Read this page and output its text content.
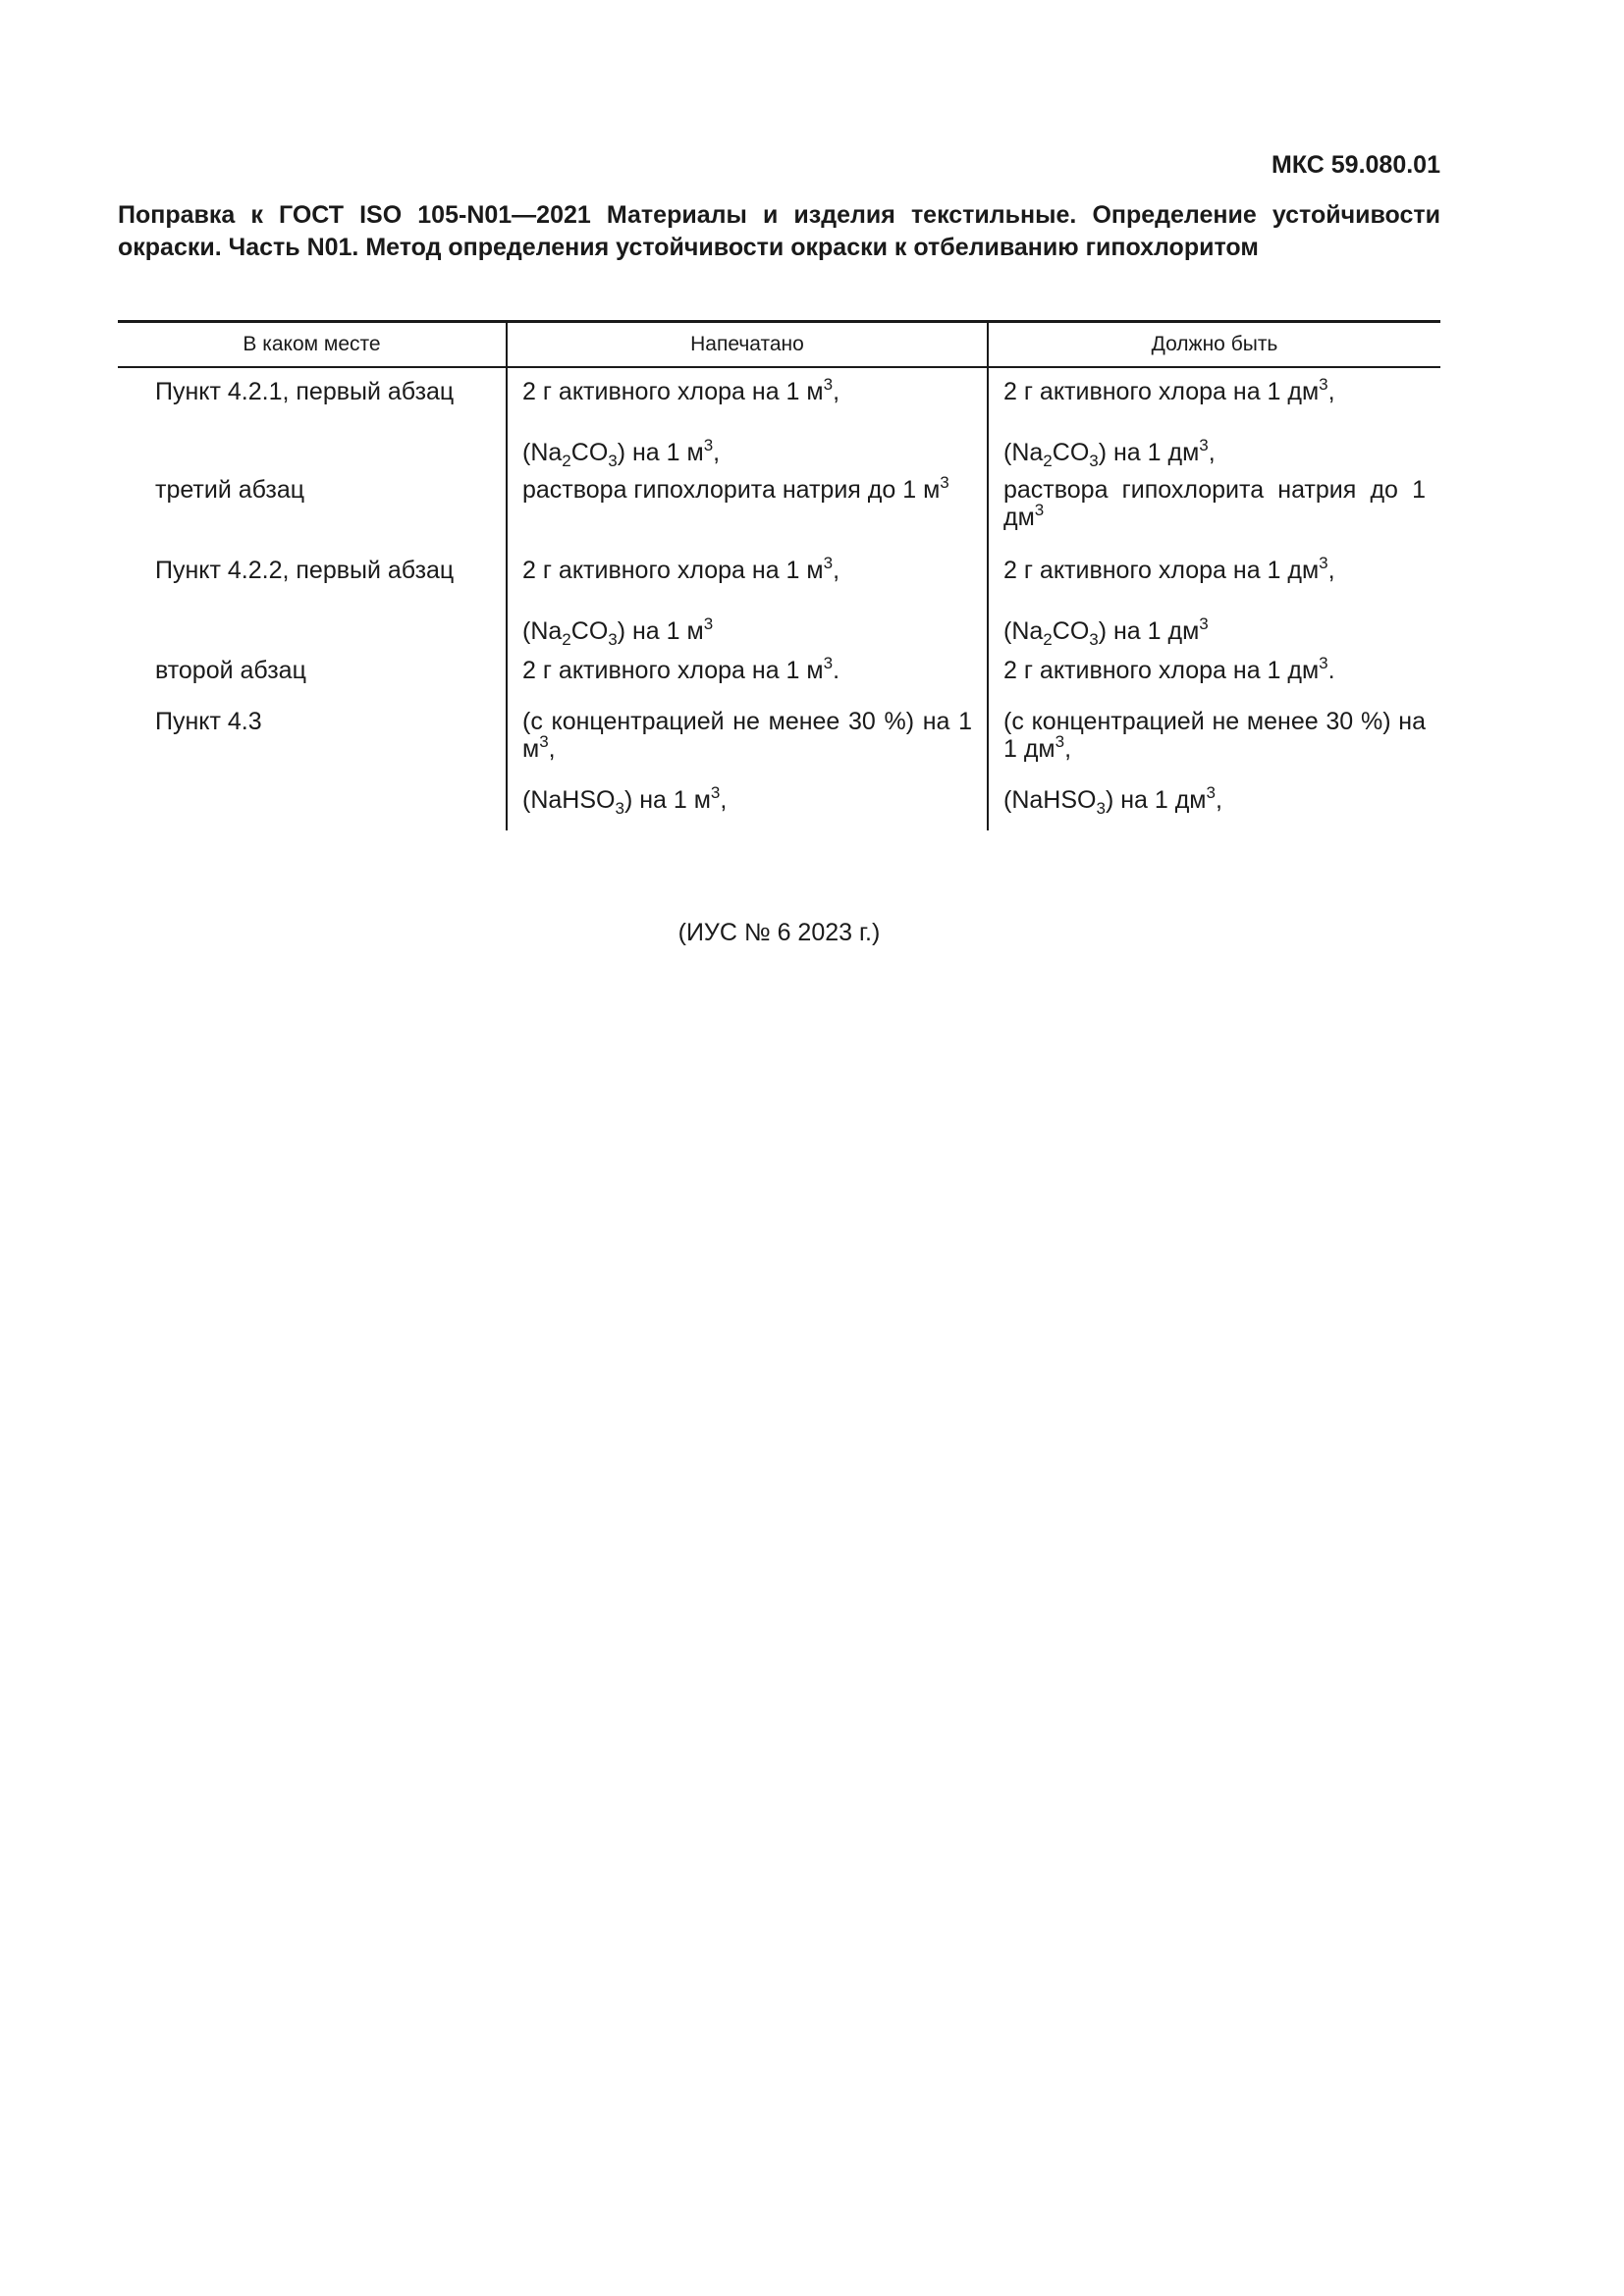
МКС 59.080.01

Поправка к ГОСТ ISO 105-N01—2021 Материалы и изделия текстильные. Определение устойчивости окраски. Часть N01. Метод определения устойчивости окраски к отбеливанию гипохлоритом

В каком месте	Напечатано	Должно быть
Пункт 4.2.1, первый абзац	2 г активного хлора на 1 $м^3$,	2 г активного хлора на 1 $дм^3$,
	$(Na_2CO_3)$ на 1 $м^3$,	$(Na_2CO_3)$ на 1 $дм^3$,
третий абзац	раствора гипохлорита натрия до 1 $м^3$	раствора гипохлорита натрия до 1 $дм^3$
Пункт 4.2.2, первый абзац	2 г активного хлора на 1 $м^3$,	2 г активного хлора на 1 $дм^3$,
	$(Na_2CO_3)$ на 1 $м^3$	$(Na_2CO_3)$ на 1 $дм^3$
второй абзац	2 г активного хлора на 1 $м^3$.	2 г активного хлора на 1 $дм^3$.
Пункт 4.3	(с концентрацией не менее 30 %) на 1 $м^3$,	(с концентрацией не менее 30 %) на 1 $дм^3$,
	(NaHSO$_3$) на 1 $м^3$,	(NaHSO$_3$) на 1 $дм^3$,
(ИУС № 6 2023 г.)
